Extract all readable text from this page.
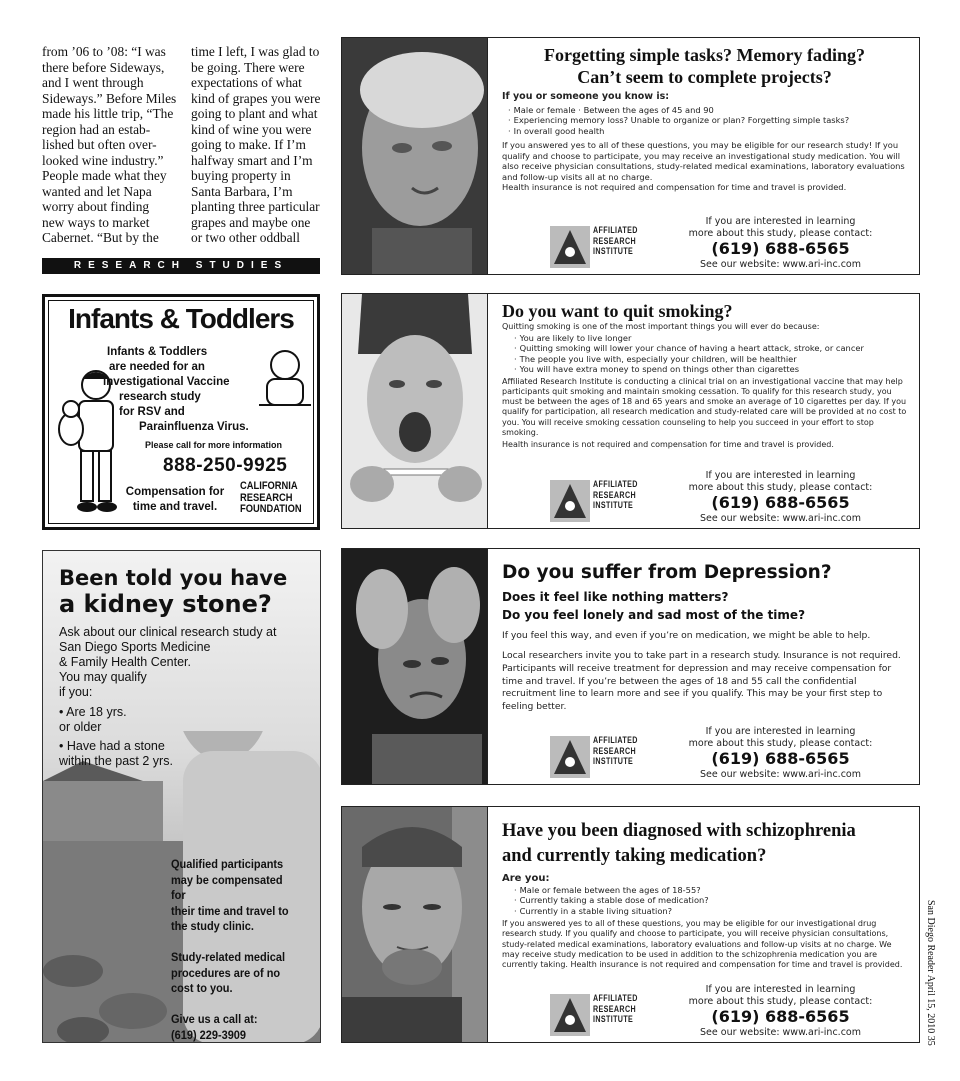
from ’06 to ’08: “I was
there before Sideways,
and I went through
Sideways.” Before Miles
made his little trip, “The
region had an estab-
lished but often over-
looked wine industry.”
People made what they
wanted and let Napa
worry about finding
new ways to market
Cabernet. “But by the

time I left, I was glad to
be going. There were
expectations of what
kind of grapes you were
going to plant and what
kind of wine you were
going to make. If I’m
halfway smart and I’m
buying property in
Santa Barbara, I’m
planting three particular
grapes and maybe one
or two other oddball

RESEARCH STUDIES
Forgetting simple tasks? Memory fading?
Can’t seem to complete projects?
If you or someone you know is:
· Male or female · Between the ages of 45 and 90
· Experiencing memory loss? Unable to organize or plan? Forgetting simple tasks?
· In overall good health
If you answered yes to all of these questions, you may be eligible for our research study! If you qualify and choose to participate, you may receive an investigational study medication. You will also receive physician consultations, study-related medical examinations, laboratory evaluations and follow-up visits all at no charge.
Health insurance is not required and compensation for time and travel is provided.
AFFILIATED
RESEARCH
INSTITUTE
If you are interested in learning
more about this study, please contact:
(619) 688-6565
See our website: www.ari-inc.com
Do you want to quit smoking?
Quitting smoking is one of the most important things you will ever do because:
· You are likely to live longer
· Quitting smoking will lower your chance of having a heart attack, stroke, or cancer
· The people you live with, especially your children, will be healthier
· You will have extra money to spend on things other than cigarettes
Affiliated Research Institute is conducting a clinical trial on an investigational vaccine that may help participants quit smoking and maintain smoking cessation. To qualify for this research study, you must be between the ages of 18 and 65 years and smoke an average of 10 cigarettes per day. If you qualify for participation, all research medication and study-related care will be provided at no cost to you. You will receive smoking cessation counseling to help you succeed in your effort to stop smoking.
Health insurance is not required and compensation for time and travel is provided.
AFFILIATED
RESEARCH
INSTITUTE
If you are interested in learning
more about this study, please contact:
(619) 688-6565
See our website: www.ari-inc.com
Do you suffer from Depression?
Does it feel like nothing matters?
Do you feel lonely and sad most of the time?
If you feel this way, and even if you’re on medication, we might be able to help.
Local researchers invite you to take part in a research study. Insurance is not required. Participants will receive treatment for depression and may receive compensation for time and travel. If you’re between the ages of 18 and 55 call the confidential recruitment line to learn more and see if you qualify. This may be your first step to feeling better.
AFFILIATED
RESEARCH
INSTITUTE
If you are interested in learning
more about this study, please contact:
(619) 688-6565
See our website: www.ari-inc.com
Have you been diagnosed with schizophrenia
and currently taking medication?
Are you:
· Male or female between the ages of 18-55?
· Currently taking a stable dose of medication?
· Currently in a stable living situation?
If you answered yes to all of these questions, you may be eligible for our investigational drug research study. If you qualify and choose to participate, you will receive physician consultations, study-related medical examinations, laboratory evaluations and follow-up visits at no charge. We may receive study medication to be used in addition to the schizophrenia medication you are currently taking. Health insurance is not required and compensation for time and travel is provided.
AFFILIATED
RESEARCH
INSTITUTE
If you are interested in learning
more about this study, please contact:
(619) 688-6565
See our website: www.ari-inc.com
Infants & Toddlers
Infants & Toddlers
are needed for an
investigational Vaccine
research study
for RSV and
Parainfluenza Virus.
Please call for more information
888-250-9925
Compensation for
time and travel.
CALIFORNIA
RESEARCH
FOUNDATION
Been told you have
a kidney stone?
Ask about our clinical research study at
San Diego Sports Medicine
& Family Health Center.
You may qualify
if you:
• Are 18 yrs.
or older
• Have had a stone
within the past 2 yrs.
Qualified participants
may be compensated for
their time and travel to
the study clinic.

Study-related medical
procedures are of no
cost to you.

Give us a call at:
(619) 229-3909	San Diego Reader April 15, 2010 35
